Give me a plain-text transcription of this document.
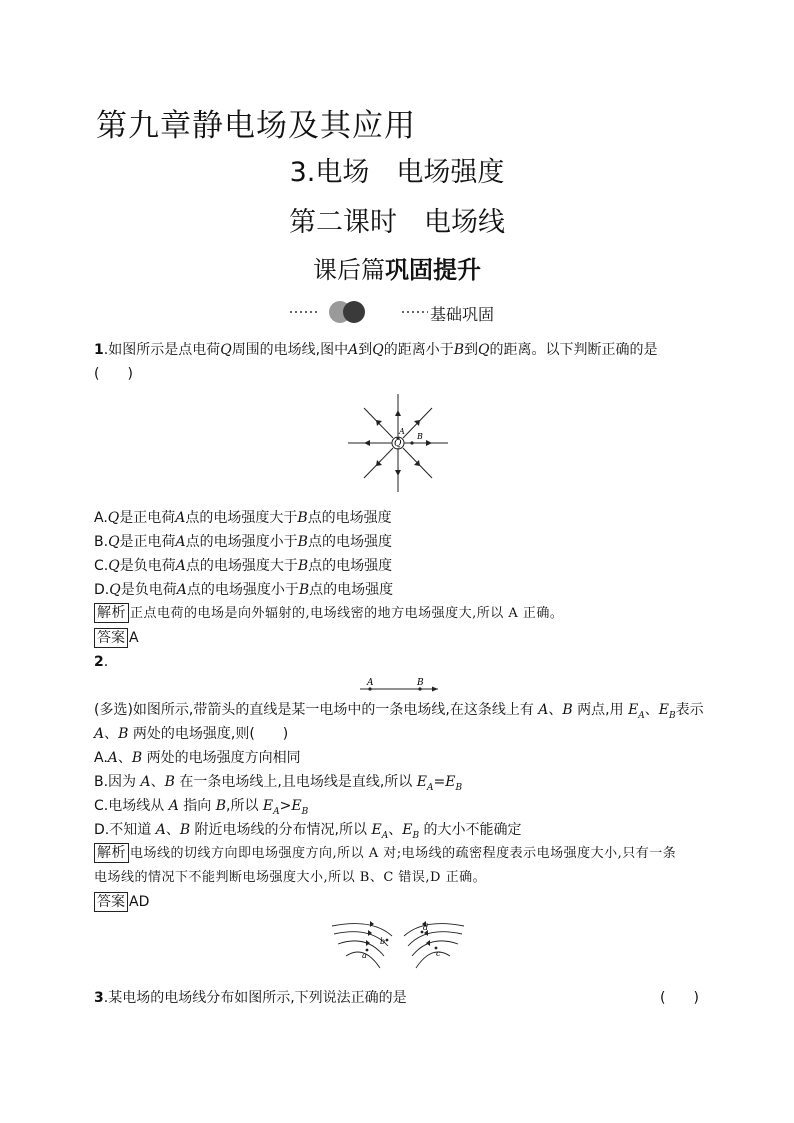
第九章静电场及其应用
3.电场　电场强度
第二课时　电场线
课后篇巩固提升
基础巩固
1.如图所示是点电荷Q周围的电场线,图中A到Q的距离小于B到Q的距离。以下判断正确的是
(　　)
Q
A
B
A.Q是正电荷A点的电场强度大于B点的电场强度
B.Q是正电荷A点的电场强度小于B点的电场强度
C.Q是负电荷A点的电场强度大于B点的电场强度
D.Q是负电荷A点的电场强度小于B点的电场强度
解析 正点电荷的电场是向外辐射的,电场线密的地方电场强度大,所以 A 正确。
答案 A
2.
A	B
(多选)如图所示,带箭头的直线是某一电场中的一条电场线,在这条线上有 A、B 两点,用 $E_A$、$E_B$表示
A、B 两处的电场强度,则(　　)
A.A、B 两处的电场强度方向相同
B.因为 A、B 在一条电场线上,且电场线是直线,所以 $E_A=E_B$
C.电场线从 A 指向 B,所以 $E_A>E_B$
D.不知道 A、B 附近电场线的分布情况,所以 $E_A$、$E_B$ 的大小不能确定
解析 电场线的切线方向即电场强度方向,所以 A 对;电场线的疏密程度表示电场强度大小,只有一条
电场线的情况下不能判断电场强度大小,所以 B、C 错误,D 正确。
答案 AD
b
a
d
c
3.某电场的电场线分布如图所示,下列说法正确的是	(　　)
